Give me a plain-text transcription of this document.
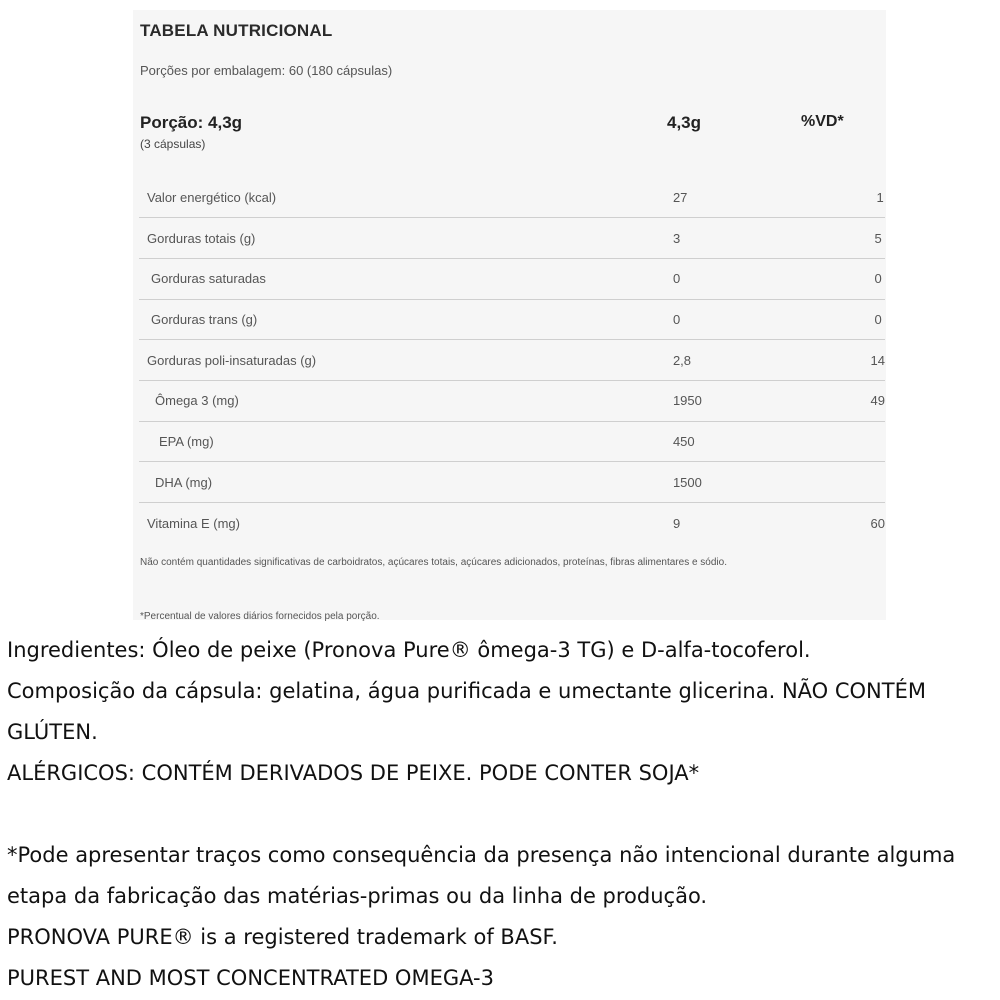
TABELA NUTRICIONAL
Porções por embalagem: 60 (180 cápsulas)
Porção: 4,3g
(3 cápsulas)
4,3g	%VD*
Valor energético (kcal)	27	1
Gorduras totais (g)	3	5
Gorduras saturadas	0	0
Gorduras trans (g)	0	0
Gorduras poli-insaturadas (g)	2,8	14
Ômega 3 (mg)	1950	49
EPA (mg)	450	
DHA (mg)	1500	
Vitamina E (mg)	9	60
Não contém quantidades significativas de carboidratos, açúcares totais, açúcares adicionados, proteínas, fibras alimentares e sódio.
*Percentual de valores diários fornecidos pela porção.

Ingredientes: Óleo de peixe (Pronova Pure® ômega-3 TG) e D-alfa-tocoferol.

Composição da cápsula: gelatina, água purificada e umectante glicerina. NÃO CONTÉM GLÚTEN.

ALÉRGICOS: CONTÉM DERIVADOS DE PEIXE. PODE CONTER SOJA*

*Pode apresentar traços como consequência da presença não intencional durante alguma etapa da fabricação das matérias-primas ou da linha de produção.

PRONOVA PURE® is a registered trademark of BASF.

PUREST AND MOST CONCENTRATED OMEGA-3
